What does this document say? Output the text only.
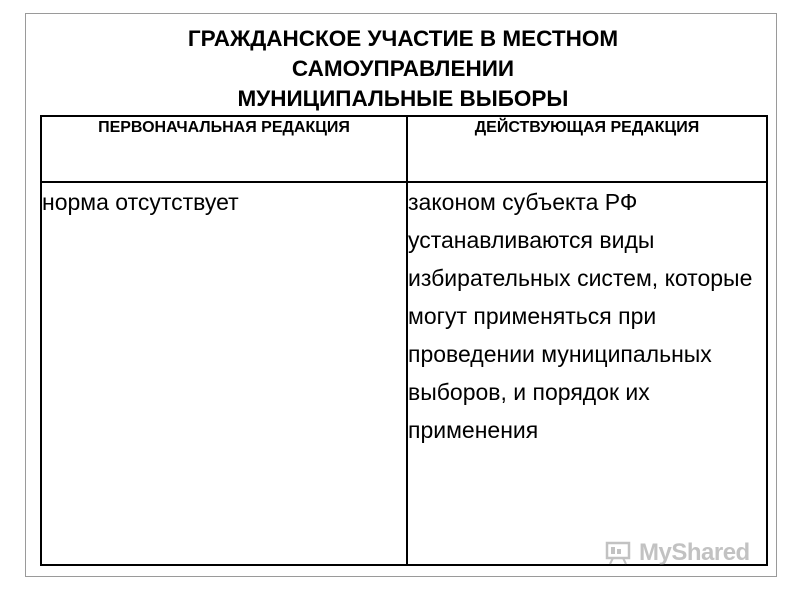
ГРАЖДАНСКОЕ УЧАСТИЕ В МЕСТНОМ
САМОУПРАВЛЕНИИ
МУНИЦИПАЛЬНЫЕ ВЫБОРЫ
ПЕРВОНАЧАЛЬНАЯ РЕДАКЦИЯ	ДЕЙСТВУЮЩАЯ РЕДАКЦИЯ
норма отсутствует	законом субъекта РФ устанавливаются виды избирательных систем, которые могут применяться при проведении муниципальных выборов, и порядок их применения
MyShared
